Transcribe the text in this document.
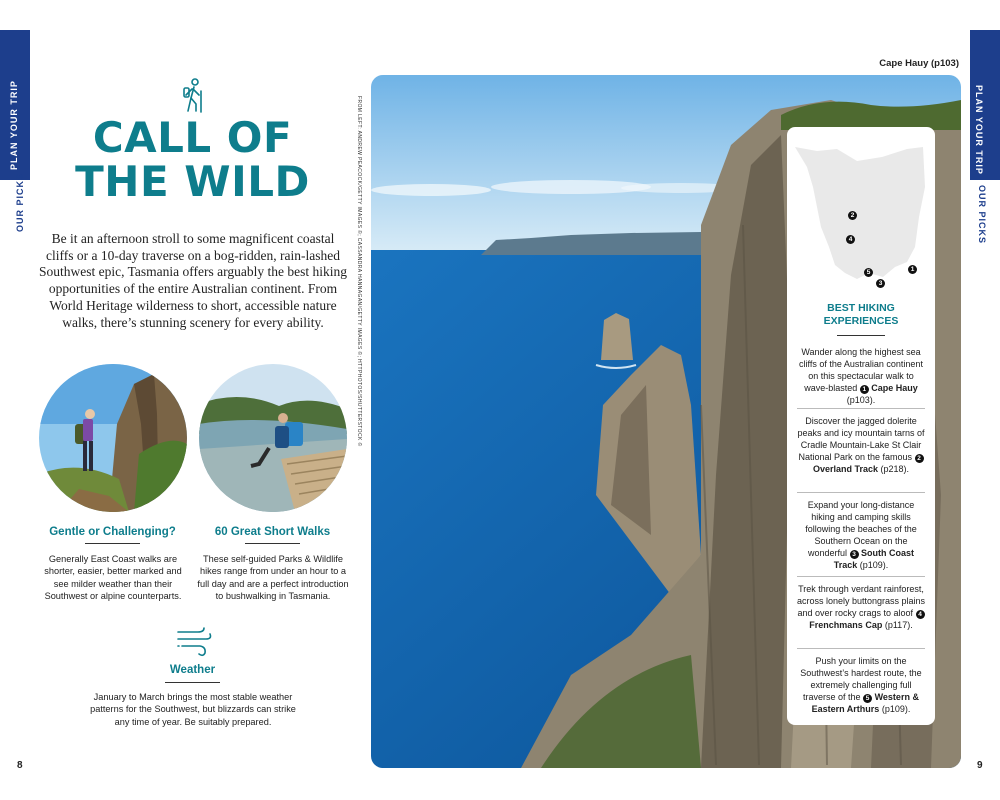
PLAN YOUR TRIP
OUR PICKS
PLAN YOUR TRIP
OUR PICKS
8	9
CALL OF
THE WILD
Be it an afternoon stroll to some magnificent coastal cliffs or a 10-day traverse on a bog-ridden, rain-lashed Southwest epic, Tasmania offers arguably the best hiking opportunities of the entire Australian continent. From World Heritage wilderness to short, accessible nature walks, there’s stunning scenery for every ability.
Gentle or Challenging?
Generally East Coast walks are shorter, easier, better marked and see milder weather than their Southwest or alpine counterparts.
60 Great Short Walks
These self-guided Parks & Wildlife hikes range from under an hour to a full day and are a perfect introduction to bushwalking in Tasmania.
Weather
January to March brings the most stable weather patterns for the Southwest, but blizzards can strike any time of year. Be suitably prepared.
FROM LEFT: ANDREW PEACOCK/GETTY IMAGES ©; CASSANDRA HANNAGAN/GETTY IMAGES ©; HTTPHOTOS/SHUTTERSTOCK ©
Cape Hauy (p103)
1
2
3
4
5
BEST HIKING
EXPERIENCES
Wander along the highest sea cliffs of the Australian continent on this spectacular walk to wave-blasted 1 Cape Hauy (p103).
Discover the jagged dolerite peaks and icy mountain tarns of Cradle Mountain-Lake St Clair National Park on the famous 2 Overland Track (p218).
Expand your long-distance hiking and camping skills following the beaches of the Southern Ocean on the wonderful 3 South Coast Track (p109).
Trek through verdant rainforest, across lonely buttongrass plains and over rocky crags to aloof 4 Frenchmans Cap (p117).
Push your limits on the Southwest’s hardest route, the extremely challenging full traverse of the 5 Western & Eastern Arthurs (p109).
